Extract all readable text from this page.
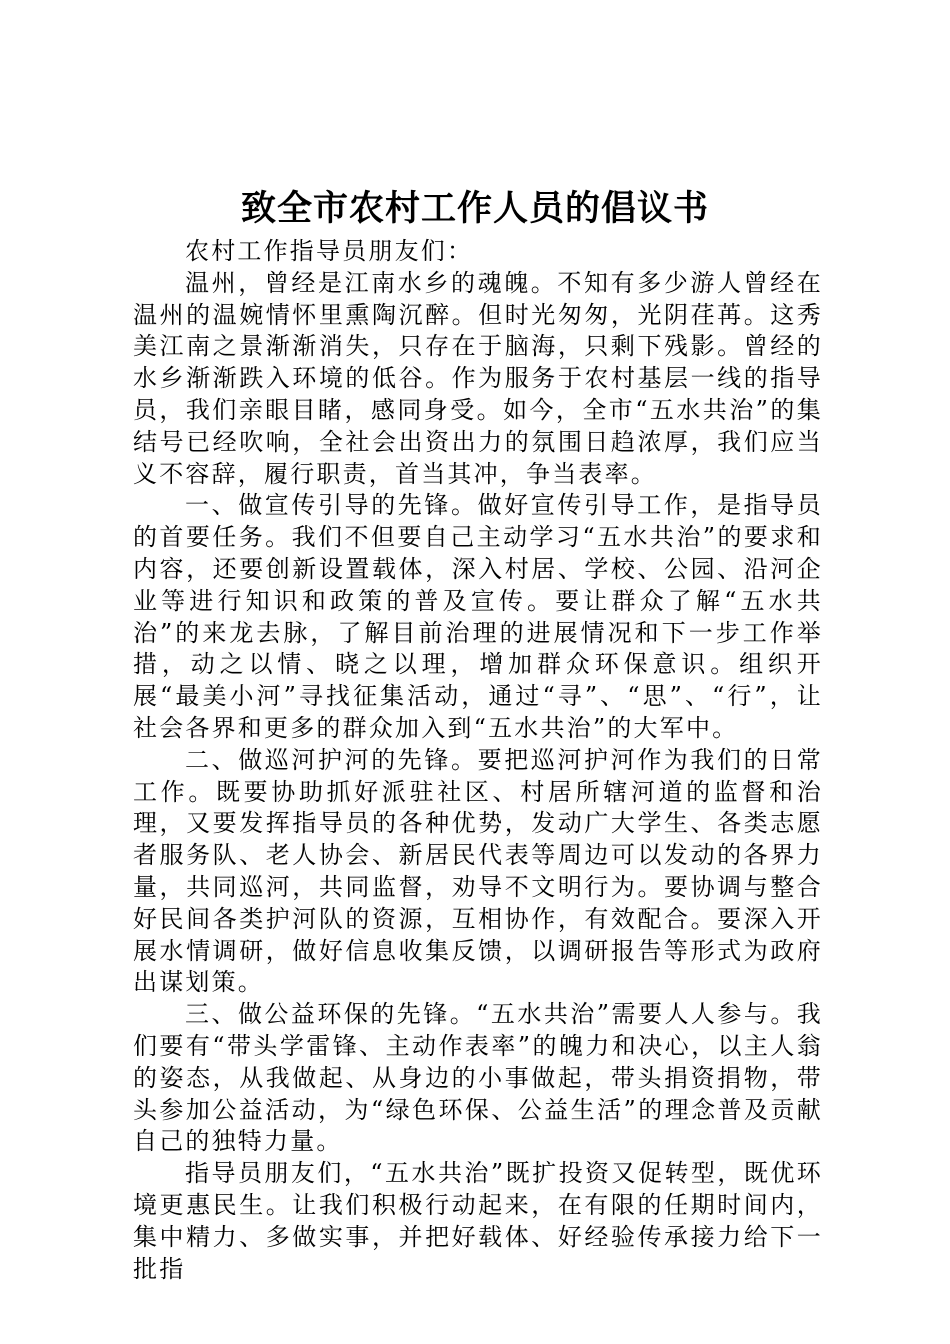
致全市农村工作人员的倡议书

农村工作指导员朋友们：

温州，曾经是江南水乡的魂魄。不知有多少游人曾经在温州的温婉情怀里熏陶沉醉。但时光匆匆，光阴荏苒。这秀美江南之景渐渐消失，只存在于脑海，只剩下残影。曾经的水乡渐渐跌入环境的低谷。作为服务于农村基层一线的指导员，我们亲眼目睹，感同身受。如今，全市“五水共治”的集结号已经吹响，全社会出资出力的氛围日趋浓厚，我们应当义不容辞，履行职责，首当其冲，争当表率。

一、做宣传引导的先锋。做好宣传引导工作，是指导员的首要任务。我们不但要自己主动学习“五水共治”的要求和内容，还要创新设置载体，深入村居、学校、公园、沿河企业等进行知识和政策的普及宣传。要让群众了解“五水共治”的来龙去脉，了解目前治理的进展情况和下一步工作举措，动之以情、晓之以理，增加群众环保意识。组织开展“最美小河”寻找征集活动，通过“寻”、“思”、“行”，让社会各界和更多的群众加入到“五水共治”的大军中。

二、做巡河护河的先锋。要把巡河护河作为我们的日常工作。既要协助抓好派驻社区、村居所辖河道的监督和治理，又要发挥指导员的各种优势，发动广大学生、各类志愿者服务队、老人协会、新居民代表等周边可以发动的各界力量，共同巡河，共同监督，劝导不文明行为。要协调与整合好民间各类护河队的资源，互相协作，有效配合。要深入开展水情调研，做好信息收集反馈，以调研报告等形式为政府出谋划策。

三、做公益环保的先锋。“五水共治”需要人人参与。我们要有“带头学雷锋、主动作表率”的魄力和决心，以主人翁的姿态，从我做起、从身边的小事做起，带头捐资捐物，带头参加公益活动，为“绿色环保、公益生活”的理念普及贡献自己的独特力量。

指导员朋友们，“五水共治”既扩投资又促转型，既优环境更惠民生。让我们积极行动起来，在有限的任期时间内，集中精力、多做实事，并把好载体、好经验传承接力给下一批指
